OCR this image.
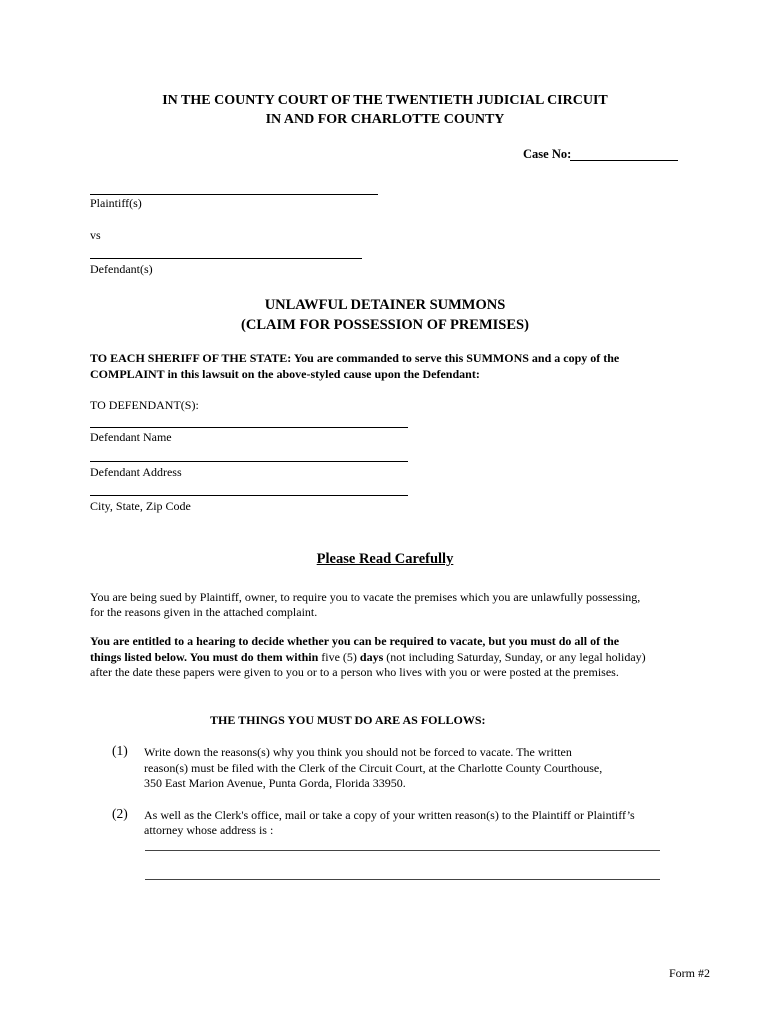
IN THE COUNTY COURT OF THE TWENTIETH JUDICIAL CIRCUIT
IN AND FOR CHARLOTTE COUNTY
Case No:
Plaintiff(s)
vs
Defendant(s)
UNLAWFUL DETAINER SUMMONS
(CLAIM FOR POSSESSION OF PREMISES)
TO EACH SHERIFF OF THE STATE: You are commanded to serve this SUMMONS and a copy of the
COMPLAINT in this lawsuit on the above-styled cause upon the Defendant:
TO DEFENDANT(S):
Defendant Name
Defendant Address
City, State, Zip Code
Please Read Carefully
You are being sued by Plaintiff, owner, to require you to vacate the premises which you are unlawfully possessing,
for the reasons given in the attached complaint.
You are entitled to a hearing to decide whether you can be required to vacate, but you must do all of the
things listed below. You must do them within five (5) days (not including Saturday, Sunday, or any legal holiday)
after the date these papers were given to you or to a person who lives with you or were posted at the premises.
THE THINGS YOU MUST DO ARE AS FOLLOWS:
(1) Write down the reasons(s) why you think you should not be forced to vacate. The written
reason(s) must be filed with the Clerk of the Circuit Court, at the Charlotte County Courthouse,
350 East Marion Avenue, Punta Gorda, Florida 33950.
(2) As well as the Clerk's office, mail or take a copy of your written reason(s) to the Plaintiff or Plaintiff’s
attorney whose address is :
Form #2
